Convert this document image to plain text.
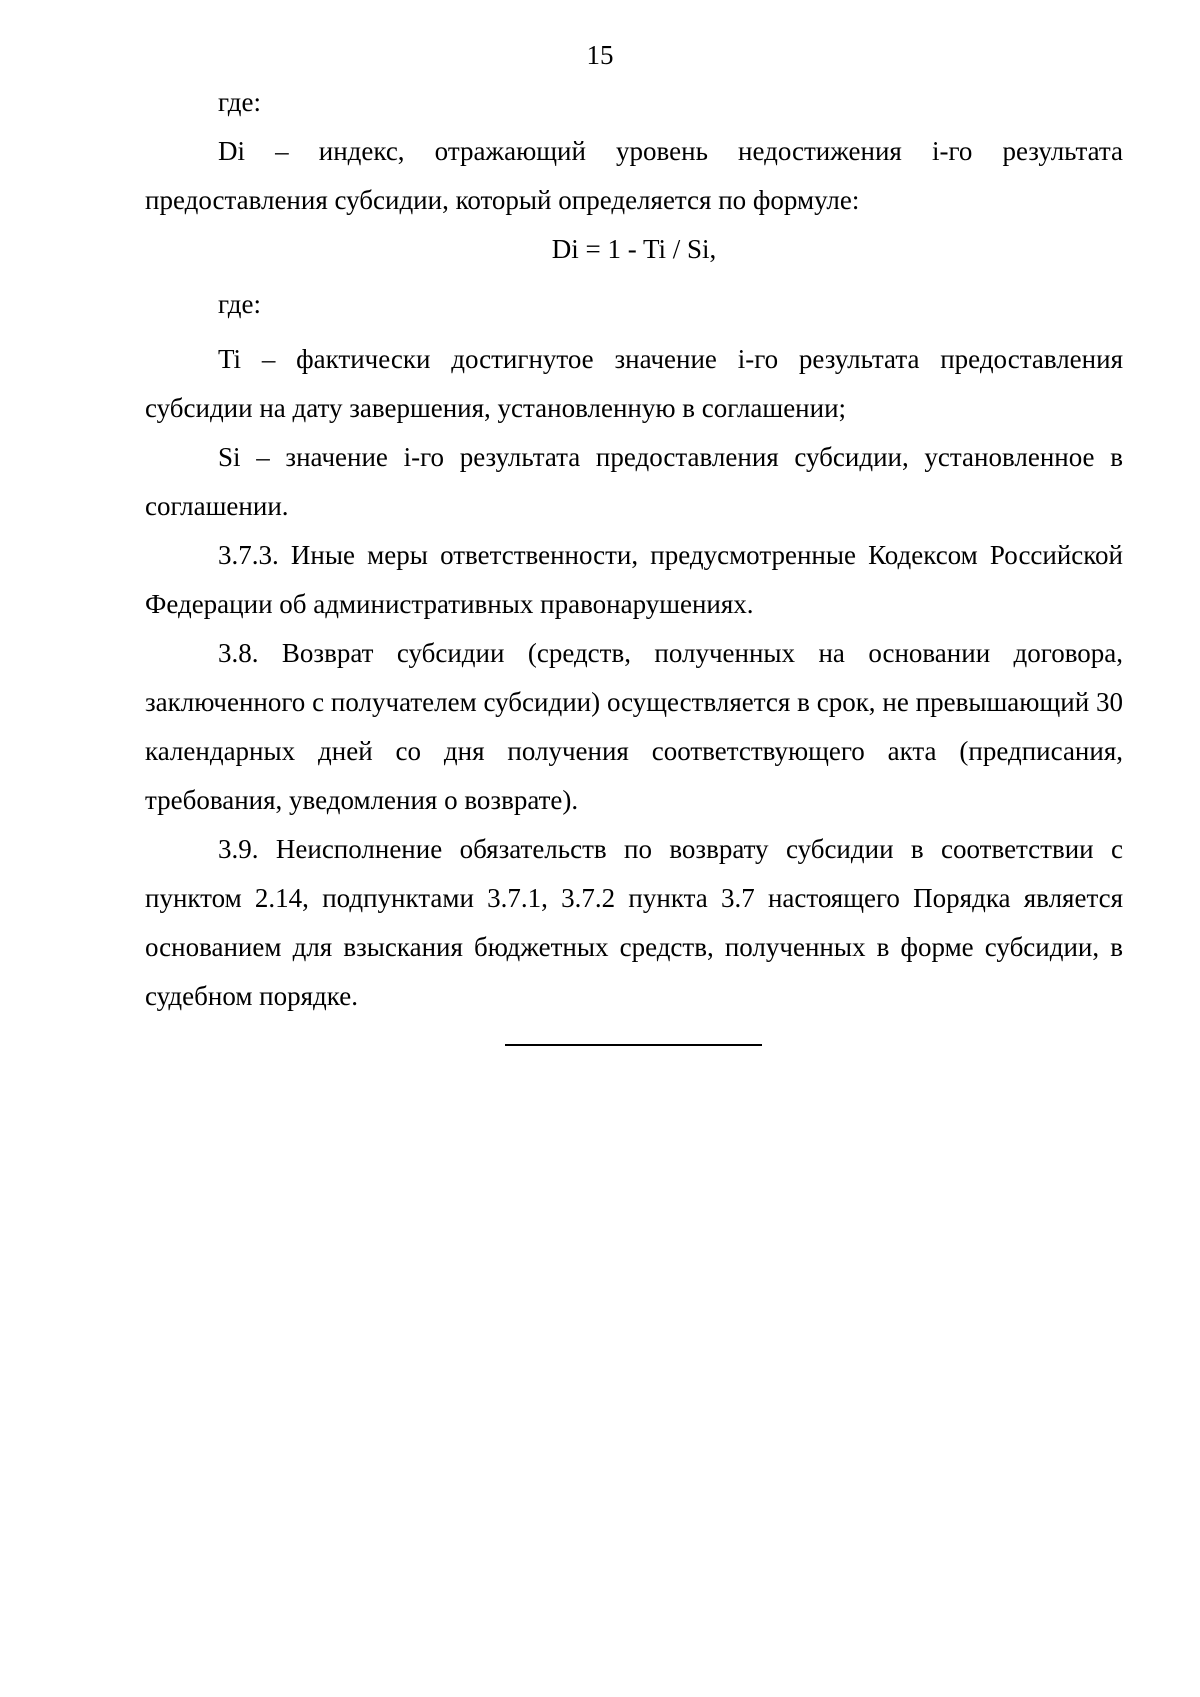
15

где:

Di – индекс, отражающий уровень недостижения i-го результата предоставления субсидии, который определяется по формуле:

Di = 1 - Ti / Si,

где:

Ti – фактически достигнутое значение i-го результата предоставления субсидии на дату завершения, установленную в соглашении;

Si – значение i-го результата предоставления субсидии, установленное в соглашении.

3.7.3. Иные меры ответственности, предусмотренные Кодексом Российской Федерации об административных правонарушениях.

3.8. Возврат субсидии (средств, полученных на основании договора, заключенного с получателем субсидии) осуществляется в срок, не превышающий 30 календарных дней со дня получения соответствующего акта (предписания, требования, уведомления о возврате).

3.9. Неисполнение обязательств по возврату субсидии в соответствии с пунктом 2.14, подпунктами 3.7.1, 3.7.2 пункта 3.7 настоящего Порядка является основанием для взыскания бюджетных средств, полученных в форме субсидии, в судебном порядке.
